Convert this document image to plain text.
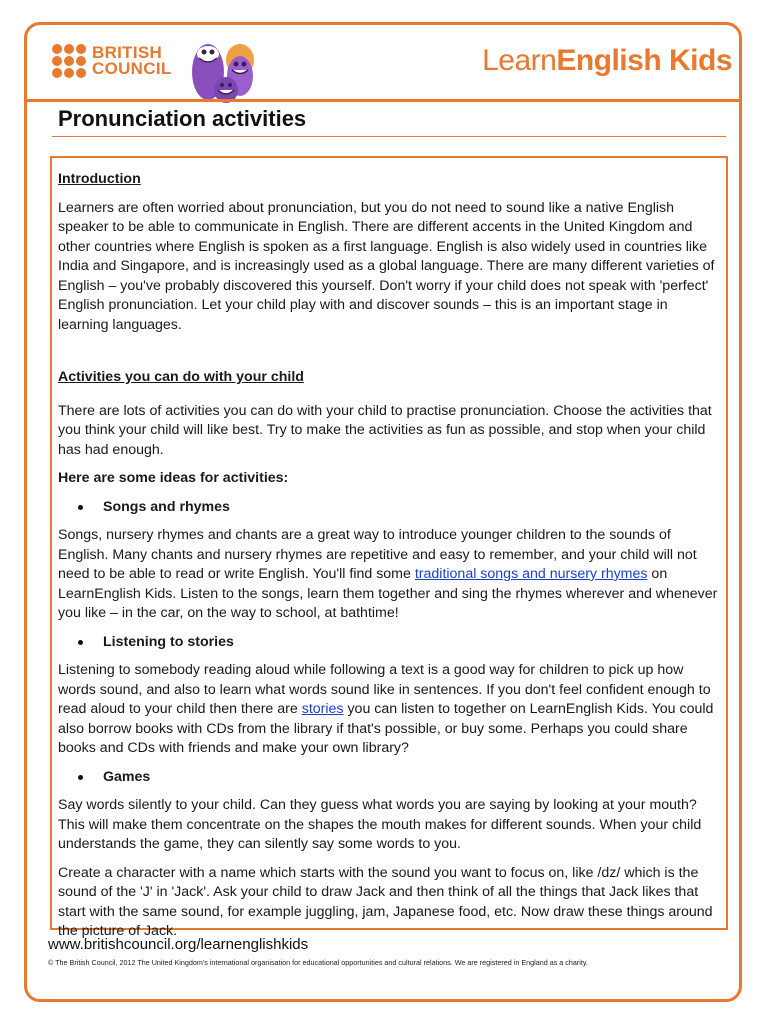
BRITISH
COUNCIL	LearnEnglish Kids
Pronunciation activities

Introduction

Learners are often worried about pronunciation, but you do not need to sound like a native English speaker to be able to communicate in English. There are different accents in the United Kingdom and other countries where English is spoken as a first language. English is also widely used in countries like India and Singapore, and is increasingly used as a global language. There are many different varieties of English – you've probably discovered this yourself. Don't worry if your child does not speak with 'perfect' English pronunciation. Let your child play with and discover sounds – this is an important stage in learning languages.

Activities you can do with your child

There are lots of activities you can do with your child to practise pronunciation. Choose the activities that you think your child will like best. Try to make the activities as fun as possible, and stop when your child has had enough.

Here are some ideas for activities:

Songs and rhymes

Songs, nursery rhymes and chants are a great way to introduce younger children to the sounds of English. Many chants and nursery rhymes are repetitive and easy to remember, and your child will not need to be able to read or write English. You'll find some traditional songs and nursery rhymes on LearnEnglish Kids. Listen to the songs, learn them together and sing the rhymes wherever and whenever you like – in the car, on the way to school, at bathtime!

Listening to stories

Listening to somebody reading aloud while following a text is a good way for children to pick up how words sound, and also to learn what words sound like in sentences. If you don't feel confident enough to read aloud to your child then there are stories you can listen to together on LearnEnglish Kids. You could also borrow books with CDs from the library if that's possible, or buy some. Perhaps you could share books and CDs with friends and make your own library?

Games

Say words silently to your child. Can they guess what words you are saying by looking at your mouth? This will make them concentrate on the shapes the mouth makes for different sounds. When your child understands the game, they can silently say some words to you.

Create a character with a name which starts with the sound you want to focus on, like /dz/ which is the sound of the 'J' in 'Jack'. Ask your child to draw Jack and then think of all the things that Jack likes that start with the same sound, for example juggling, jam, Japanese food, etc. Now draw these things around the picture of Jack.

www.britishcouncil.org/learnenglishkids
© The British Council, 2012 The United Kingdom's international organisation for educational opportunities and cultural relations. We are registered in England as a charity.
